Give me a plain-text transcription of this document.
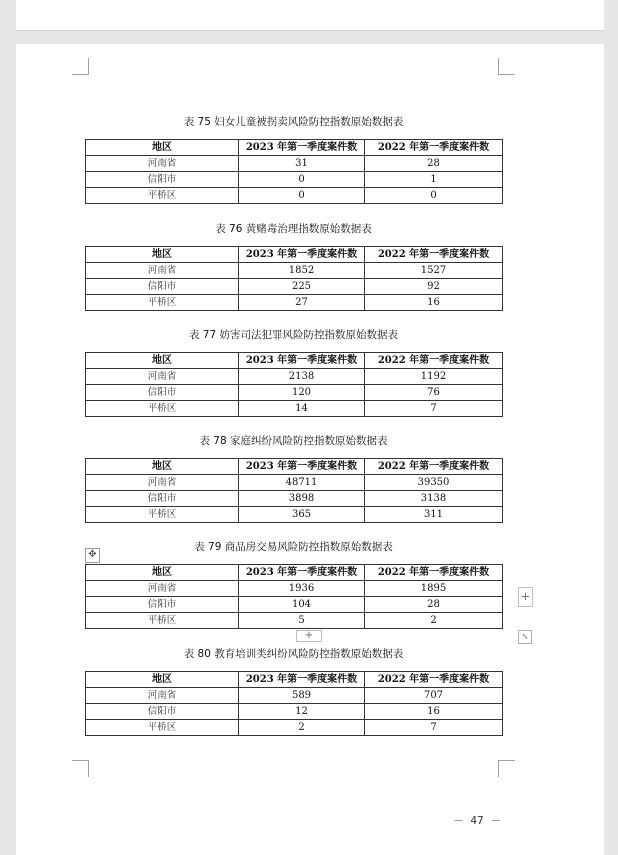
表 75 妇女儿童被拐卖风险防控指数原始数据表
地区	2023 年第一季度案件数	2022 年第一季度案件数
河南省	31	28
信阳市	0	1
平桥区	0	0
表 76 黄赌毒治理指数原始数据表
地区	2023 年第一季度案件数	2022 年第一季度案件数
河南省	1852	1527
信阳市	225	92
平桥区	27	16
表 77 妨害司法犯罪风险防控指数原始数据表
地区	2023 年第一季度案件数	2022 年第一季度案件数
河南省	2138	1192
信阳市	120	76
平桥区	14	7
表 78 家庭纠纷风险防控指数原始数据表
地区	2023 年第一季度案件数	2022 年第一季度案件数
河南省	48711	39350
信阳市	3898	3138
平桥区	365	311
表 79 商品房交易风险防控指数原始数据表
地区	2023 年第一季度案件数	2022 年第一季度案件数
河南省	1936	1895
信阳市	104	28
平桥区	5	2
✥
+
+	⤡
表 80 教育培训类纠纷风险防控指数原始数据表
地区	2023 年第一季度案件数	2022 年第一季度案件数
河南省	589	707
信阳市	12	16
平桥区	2	7
－ 47 －
